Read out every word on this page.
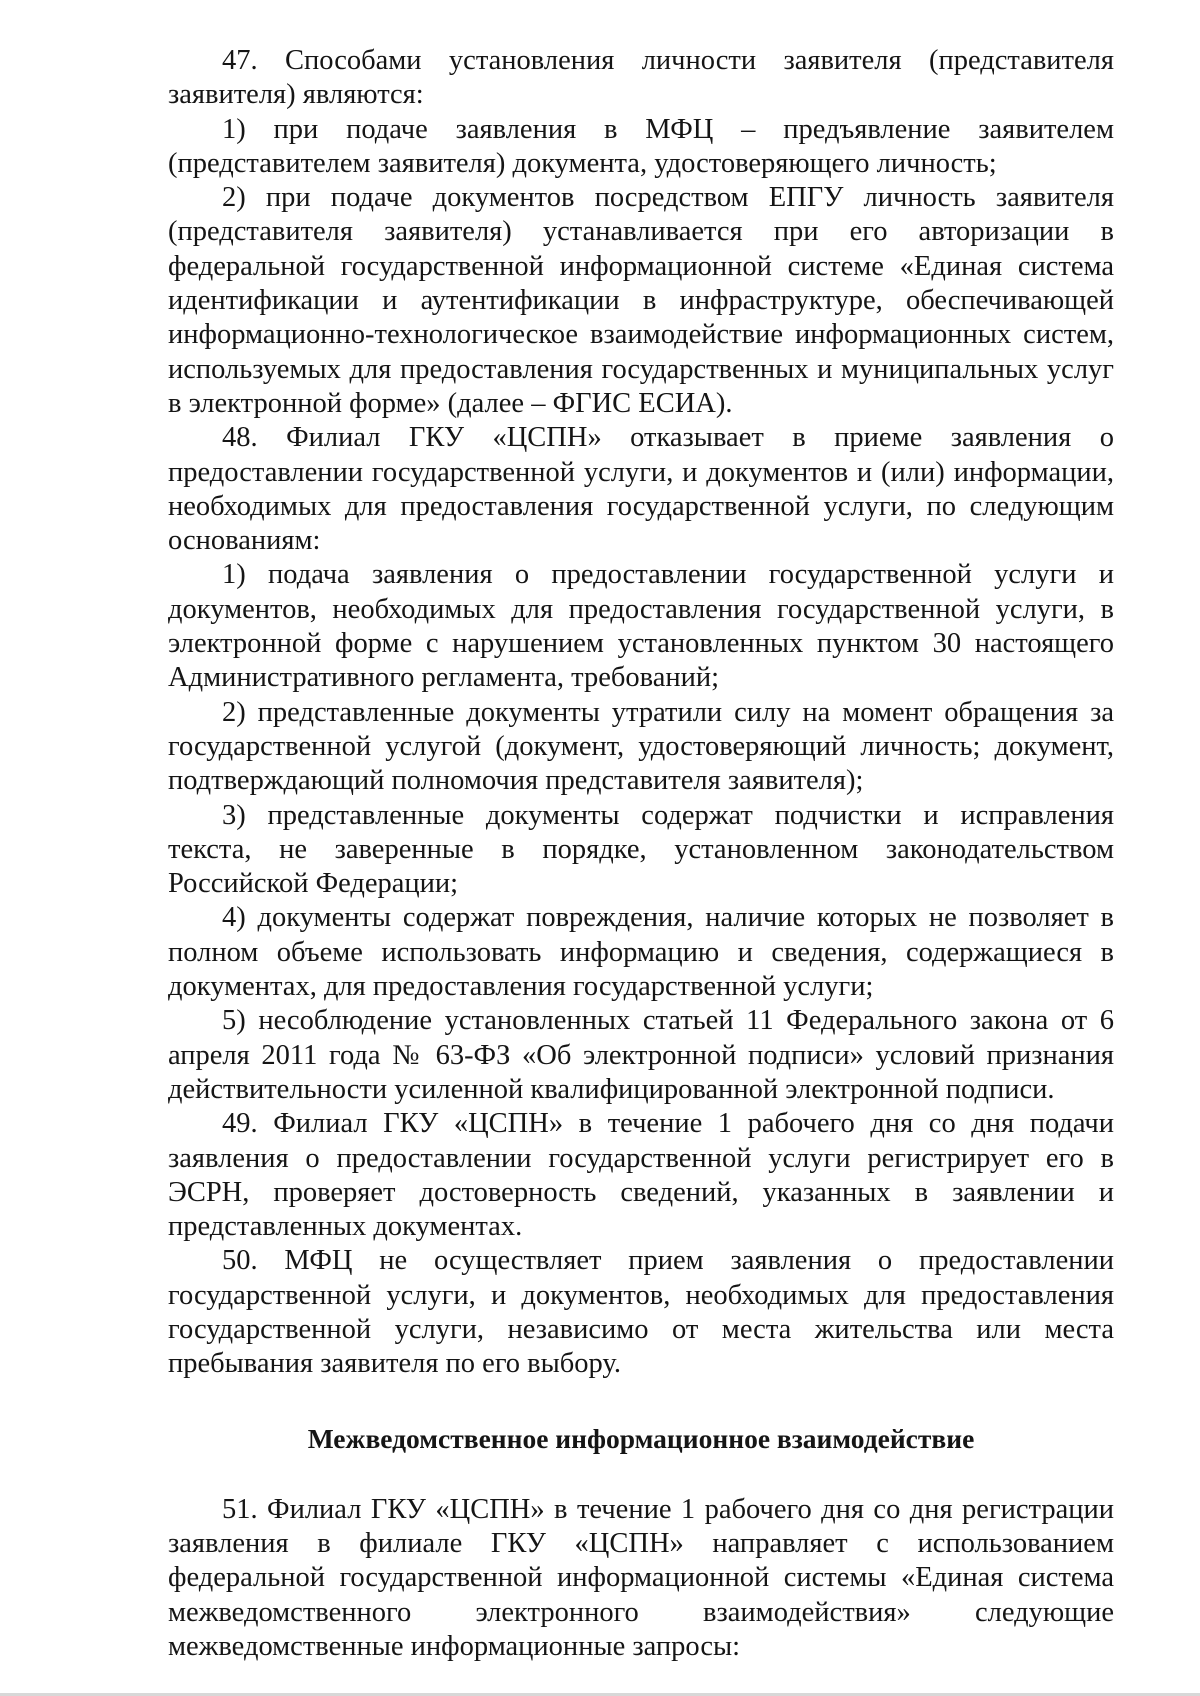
47. Способами установления личности заявителя (представителя заявителя) являются:

1) при подаче заявления в МФЦ – предъявление заявителем (представителем заявителя) документа, удостоверяющего личность;

2) при подаче документов посредством ЕПГУ личность заявителя (представителя заявителя) устанавливается при его авторизации в федеральной государственной информационной системе «Единая система идентификации и аутентификации в инфраструктуре, обеспечивающей информационно-технологическое взаимодействие информационных систем, используемых для предоставления государственных и муниципальных услуг в электронной форме» (далее – ФГИС ЕСИА).

48. Филиал ГКУ «ЦСПН» отказывает в приеме заявления о предоставлении государственной услуги, и документов и (или) информации, необходимых для предоставления государственной услуги, по следующим основаниям:

1) подача заявления о предоставлении государственной услуги и документов, необходимых для предоставления государственной услуги, в электронной форме с нарушением установленных пунктом 30 настоящего Административного регламента, требований;

2) представленные документы утратили силу на момент обращения за государственной услугой (документ, удостоверяющий личность; документ, подтверждающий полномочия представителя заявителя);

3) представленные документы содержат подчистки и исправления текста, не заверенные в порядке, установленном законодательством Российской Федерации;

4) документы содержат повреждения, наличие которых не позволяет в полном объеме использовать информацию и сведения, содержащиеся в документах, для предоставления государственной услуги;

5) несоблюдение установленных статьей 11 Федерального закона от 6 апреля 2011 года № 63-ФЗ «Об электронной подписи» условий признания действительности усиленной квалифицированной электронной подписи.

49. Филиал ГКУ «ЦСПН» в течение 1 рабочего дня со дня подачи заявления о предоставлении государственной услуги регистрирует его в ЭСРН, проверяет достоверность сведений, указанных в заявлении и представленных документах.

50. МФЦ не осуществляет прием заявления о предоставлении государственной услуги, и документов, необходимых для предоставления государственной услуги, независимо от места жительства или места пребывания заявителя по его выбору.

Межведомственное информационное взаимодействие

51. Филиал ГКУ «ЦСПН» в течение 1 рабочего дня со дня регистрации заявления в филиале ГКУ «ЦСПН» направляет с использованием федеральной государственной информационной системы «Единая система межведомственного электронного взаимодействия» следующие межведомственные информационные запросы:
